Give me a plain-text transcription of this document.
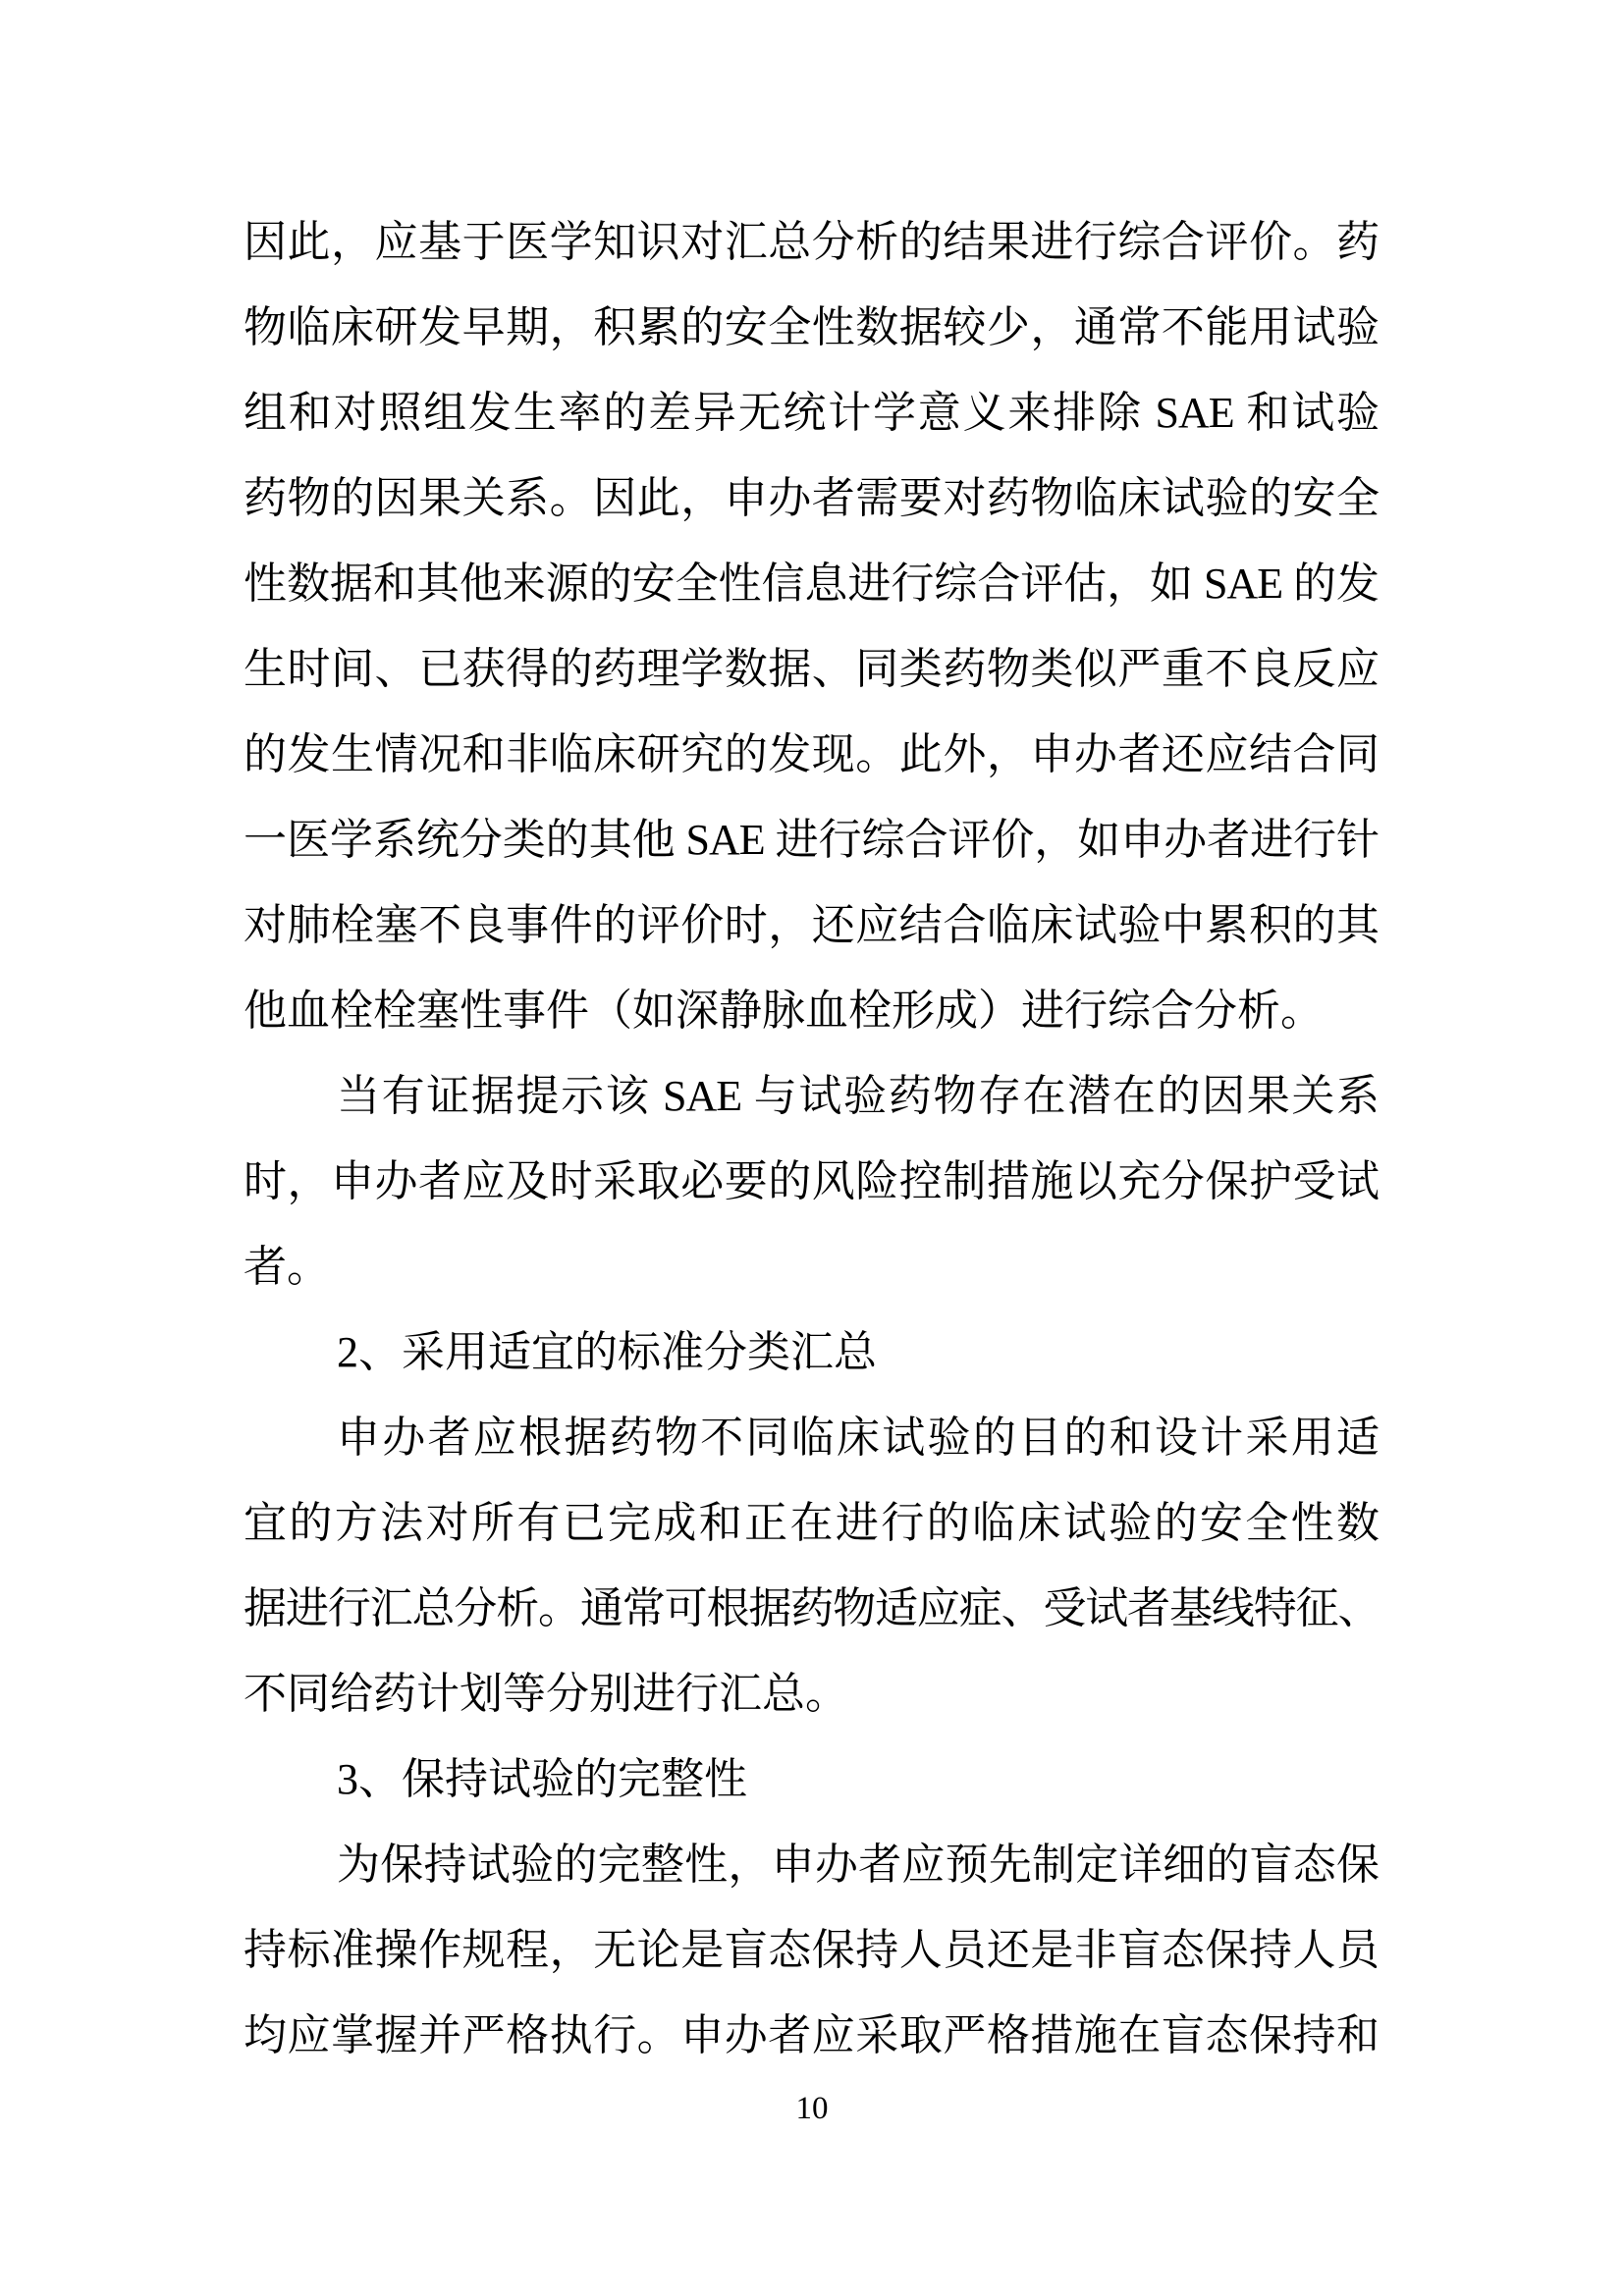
因此，应基于医学知识对汇总分析的结果进行综合评价。药
物临床研发早期，积累的安全性数据较少，通常不能用试验
组和对照组发生率的差异无统计学意义来排除 SAE 和试验
药物的因果关系。因此，申办者需要对药物临床试验的安全
性数据和其他来源的安全性信息进行综合评估，如 SAE 的发
生时间、已获得的药理学数据、同类药物类似严重不良反应
的发生情况和非临床研究的发现。此外，申办者还应结合同
一医学系统分类的其他 SAE 进行综合评价，如申办者进行针
对肺栓塞不良事件的评价时，还应结合临床试验中累积的其
他血栓栓塞性事件（如深静脉血栓形成）进行综合分析。
当有证据提示该 SAE 与试验药物存在潜在的因果关系
时，申办者应及时采取必要的风险控制措施以充分保护受试
者。
2、采用适宜的标准分类汇总
申办者应根据药物不同临床试验的目的和设计采用适
宜的方法对所有已完成和正在进行的临床试验的安全性数
据进行汇总分析。通常可根据药物适应症、受试者基线特征、
不同给药计划等分别进行汇总。
3、保持试验的完整性
为保持试验的完整性，申办者应预先制定详细的盲态保
持标准操作规程，无论是盲态保持人员还是非盲态保持人员
均应掌握并严格执行。申办者应采取严格措施在盲态保持和
10
